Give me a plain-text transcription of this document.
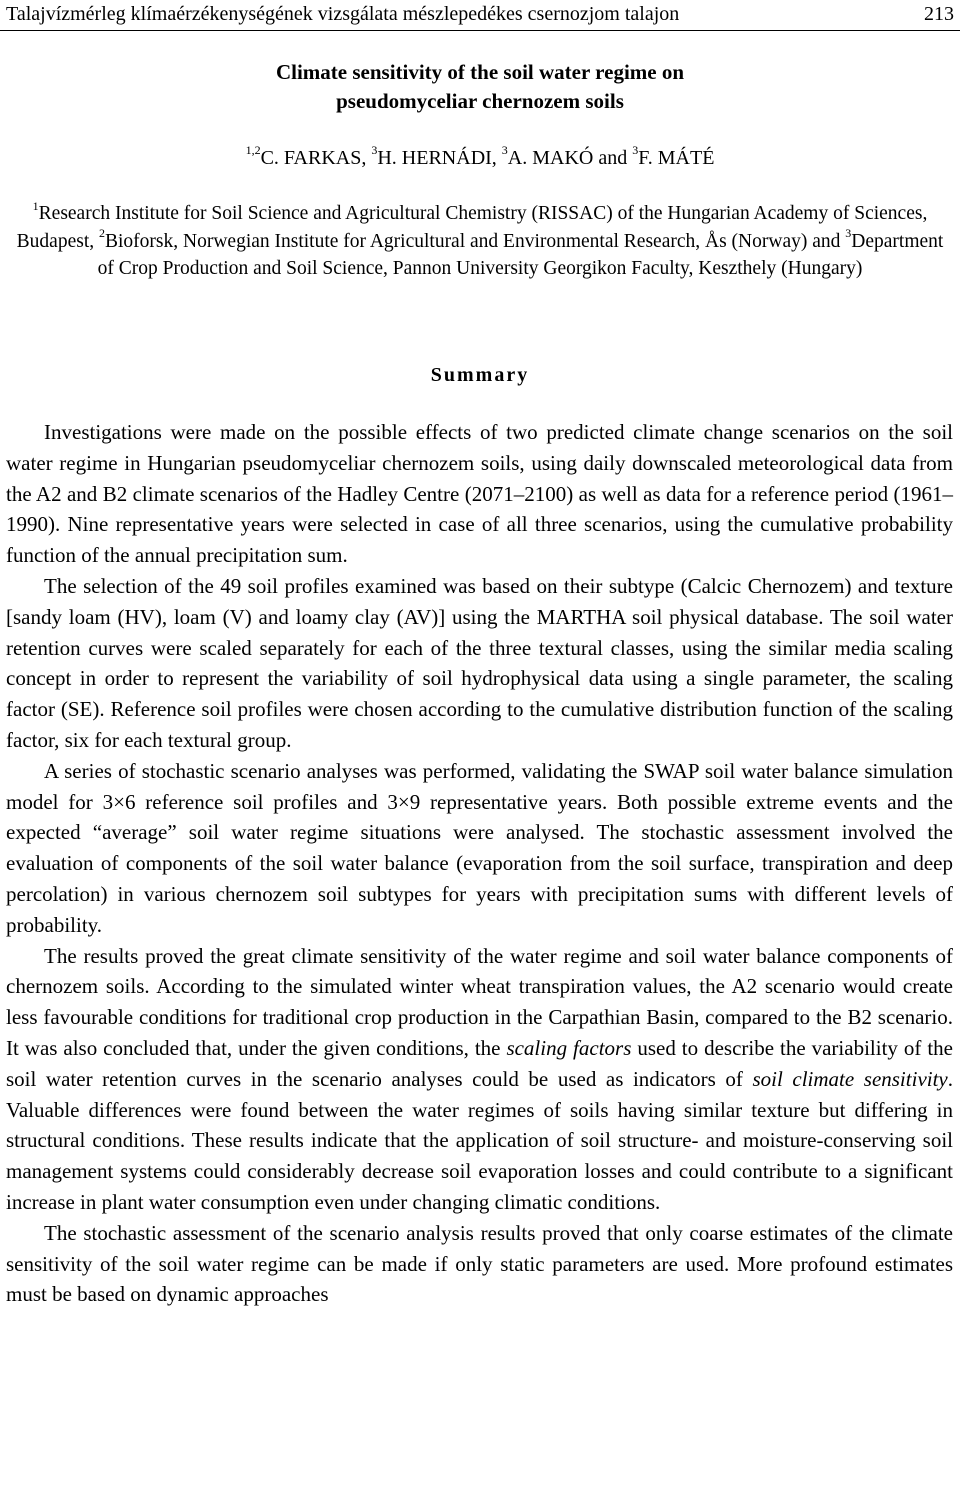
Talajvízmérleg klímaérzékenységének vizsgálata mészlepedékes csernozjom talajon	213
Climate sensitivity of the soil water regime on
pseudomyceliar chernozem soils
$^{1,2}$C. FARKAS, $^3$H. HERNÁDI, $^3$A. MAKÓ and $^3$F. MÁTÉ
$^1$Research Institute for Soil Science and Agricultural Chemistry (RISSAC) of the Hungarian Academy of Sciences, Budapest, $^2$Bioforsk, Norwegian Institute for Agricultural and Environmental Research, Ås (Norway) and $^3$Department of Crop Production and Soil Science, Pannon University Georgikon Faculty, Keszthely (Hungary)
Summary

Investigations were made on the possible effects of two predicted climate change scenarios on the soil water regime in Hungarian pseudomyceliar chernozem soils, using daily downscaled meteorological data from the A2 and B2 climate scenarios of the Hadley Centre (2071–2100) as well as data for a reference period (1961–1990). Nine representative years were selected in case of all three scenarios, using the cumulative probability function of the annual precipitation sum.

The selection of the 49 soil profiles examined was based on their subtype (Calcic Chernozem) and texture [sandy loam (HV), loam (V) and loamy clay (AV)] using the MARTHA soil physical database. The soil water retention curves were scaled separately for each of the three textural classes, using the similar media scaling concept in order to represent the variability of soil hydrophysical data using a single parameter, the scaling factor (SE). Reference soil profiles were chosen according to the cumulative distribution function of the scaling factor, six for each textural group.

A series of stochastic scenario analyses was performed, validating the SWAP soil water balance simulation model for 3×6 reference soil profiles and 3×9 representative years. Both possible extreme events and the expected “average” soil water regime situations were analysed. The stochastic assessment involved the evaluation of components of the soil water balance (evaporation from the soil surface, transpiration and deep percolation) in various chernozem soil subtypes for years with precipitation sums with different levels of probability.

The results proved the great climate sensitivity of the water regime and soil water balance components of chernozem soils. According to the simulated winter wheat transpiration values, the A2 scenario would create less favourable conditions for traditional crop production in the Carpathian Basin, compared to the B2 scenario. It was also concluded that, under the given conditions, the scaling factors used to describe the variability of the soil water retention curves in the scenario analyses could be used as indicators of soil climate sensitivity. Valuable differences were found between the water regimes of soils having similar texture but differing in structural conditions. These results indicate that the application of soil structure- and moisture-conserving soil management systems could considerably decrease soil evaporation losses and could contribute to a significant increase in plant water consumption even under changing climatic conditions.

The stochastic assessment of the scenario analysis results proved that only coarse estimates of the climate sensitivity of the soil water regime can be made if only static parameters are used. More profound estimates must be based on dynamic approaches
